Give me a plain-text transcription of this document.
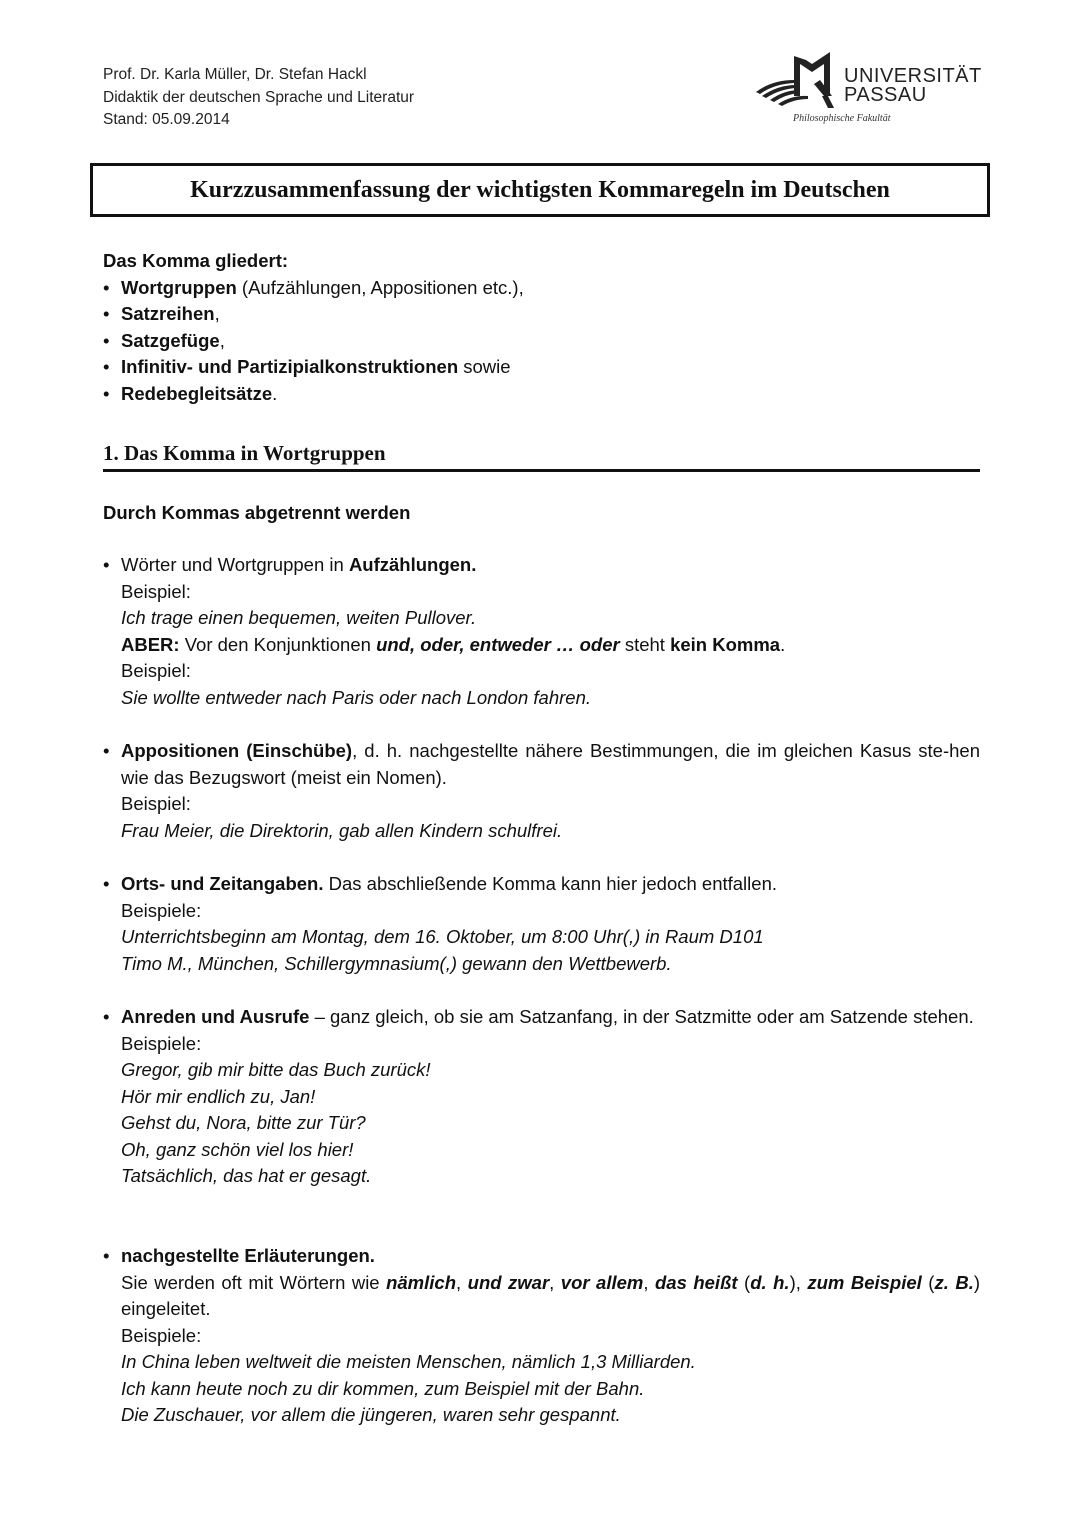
Prof. Dr. Karla Müller, Dr. Stefan Hackl
Didaktik der deutschen Sprache und Literatur
Stand: 05.09.2014
UNIVERSITÄT
PASSAU
Philosophische Fakultät
Kurzzusammenfassung der wichtigsten Kommaregeln im Deutschen
Das Komma gliedert:
• Wortgruppen (Aufzählungen, Appositionen etc.),
• Satzreihen,
• Satzgefüge,
• Infinitiv- und Partizipialkonstruktionen sowie
• Redebegleitsätze.
1. Das Komma in Wortgruppen
Durch Kommas abgetrennt werden
• Wörter und Wortgruppen in Aufzählungen.
Beispiel:
Ich trage einen bequemen, weiten Pullover.
ABER: Vor den Konjunktionen und, oder, entweder … oder steht kein Komma.
Beispiel:
Sie wollte entweder nach Paris oder nach London fahren.
• Appositionen (Einschübe), d. h. nachgestellte nähere Bestimmungen, die im gleichen Kasus ste-hen wie das Bezugswort (meist ein Nomen).
Beispiel:
Frau Meier, die Direktorin, gab allen Kindern schulfrei.
• Orts- und Zeitangaben. Das abschließende Komma kann hier jedoch entfallen.
Beispiele:
Unterrichtsbeginn am Montag, dem 16. Oktober, um 8:00 Uhr(,) in Raum D101
Timo M., München, Schillergymnasium(,) gewann den Wettbewerb.
• Anreden und Ausrufe – ganz gleich, ob sie am Satzanfang, in der Satzmitte oder am Satzende stehen.
Beispiele:
Gregor, gib mir bitte das Buch zurück!
Hör mir endlich zu, Jan!
Gehst du, Nora, bitte zur Tür?
Oh, ganz schön viel los hier!
Tatsächlich, das hat er gesagt.
• nachgestellte Erläuterungen.
Sie werden oft mit Wörtern wie nämlich, und zwar, vor allem, das heißt (d. h.), zum Beispiel (z. B.) eingeleitet.
Beispiele:
In China leben weltweit die meisten Menschen, nämlich 1,3 Milliarden.
Ich kann heute noch zu dir kommen, zum Beispiel mit der Bahn.
Die Zuschauer, vor allem die jüngeren, waren sehr gespannt.
